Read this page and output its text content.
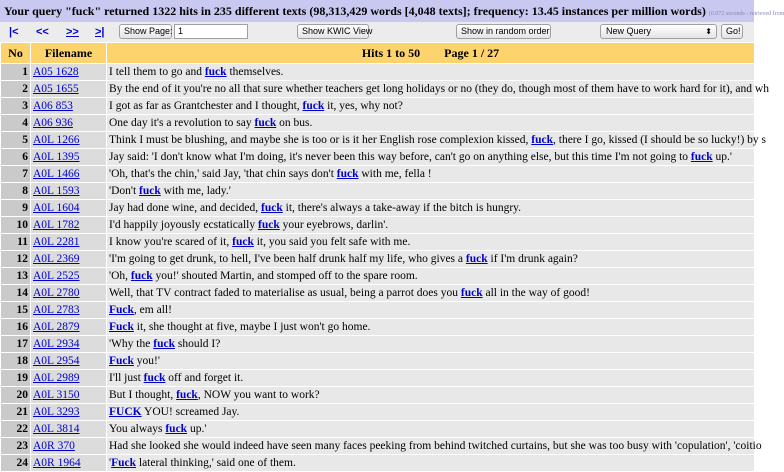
Your query "fuck" returned 1322 hits in 235 different texts (98,313,429 words [4,048 texts]; frequency: 13.45 instances per million words) (0.072 seconds - retrieved from
|< << >> >|	Show Page: 1	Show KWIC View	Show in random order	New Query	⬍	Go!
No	Filename	Hits 1 to 50 Page 1 / 27
1	A05 1628	I tell them to go and fuck themselves.
2	A05 1655	By the end of it you're no all that sure whether teachers get long holidays or no (they do, though most of them have to work hard for it), and wh
3	A06 853	I got as far as Grantchester and I thought, fuck it, yes, why not?
4	A06 936	One day it's a revolution to say fuck on bus.
5	A0L 1266	Think I must be blushing, and maybe she is too or is it her English rose complexion kissed, fuck, there I go, kissed (I should be so lucky!) by s
6	A0L 1395	Jay said: 'I don't know what I'm doing, it's never been this way before, can't go on anything else, but this time I'm not going to fuck up.'
7	A0L 1466	'Oh, that's the chin,' said Jay, 'that chin says don't fuck with me, fella !
8	A0L 1593	'Don't fuck with me, lady.'
9	A0L 1604	Jay had done wine, and decided, fuck it, there's always a take-away if the bitch is hungry.
10	A0L 1782	I'd happily joyously ecstatically fuck your eyebrows, darlin'.
11	A0L 2281	I know you're scared of it, fuck it, you said you felt safe with me.
12	A0L 2369	'I'm going to get drunk, to hell, I've been half drunk half my life, who gives a fuck if I'm drunk again?
13	A0L 2525	'Oh, fuck you!' shouted Martin, and stomped off to the spare room.
14	A0L 2780	Well, that TV contract faded to materialise as usual, being a parrot does you fuck all in the way of good!
15	A0L 2783	Fuck, em all!
16	A0L 2879	Fuck it, she thought at five, maybe I just won't go home.
17	A0L 2934	'Why the fuck should I?
18	A0L 2954	Fuck you!'
19	A0L 2989	I'll just fuck off and forget it.
20	A0L 3150	But I thought, fuck, NOW you want to work?
21	A0L 3293	FUCK YOU! screamed Jay.
22	A0L 3814	You always fuck up.'
23	A0R 370	Had she looked she would indeed have seen many faces peeking from behind twitched curtains, but she was too busy with 'copulation', 'coitio
24	A0R 1964	'Fuck lateral thinking,' said one of them.
